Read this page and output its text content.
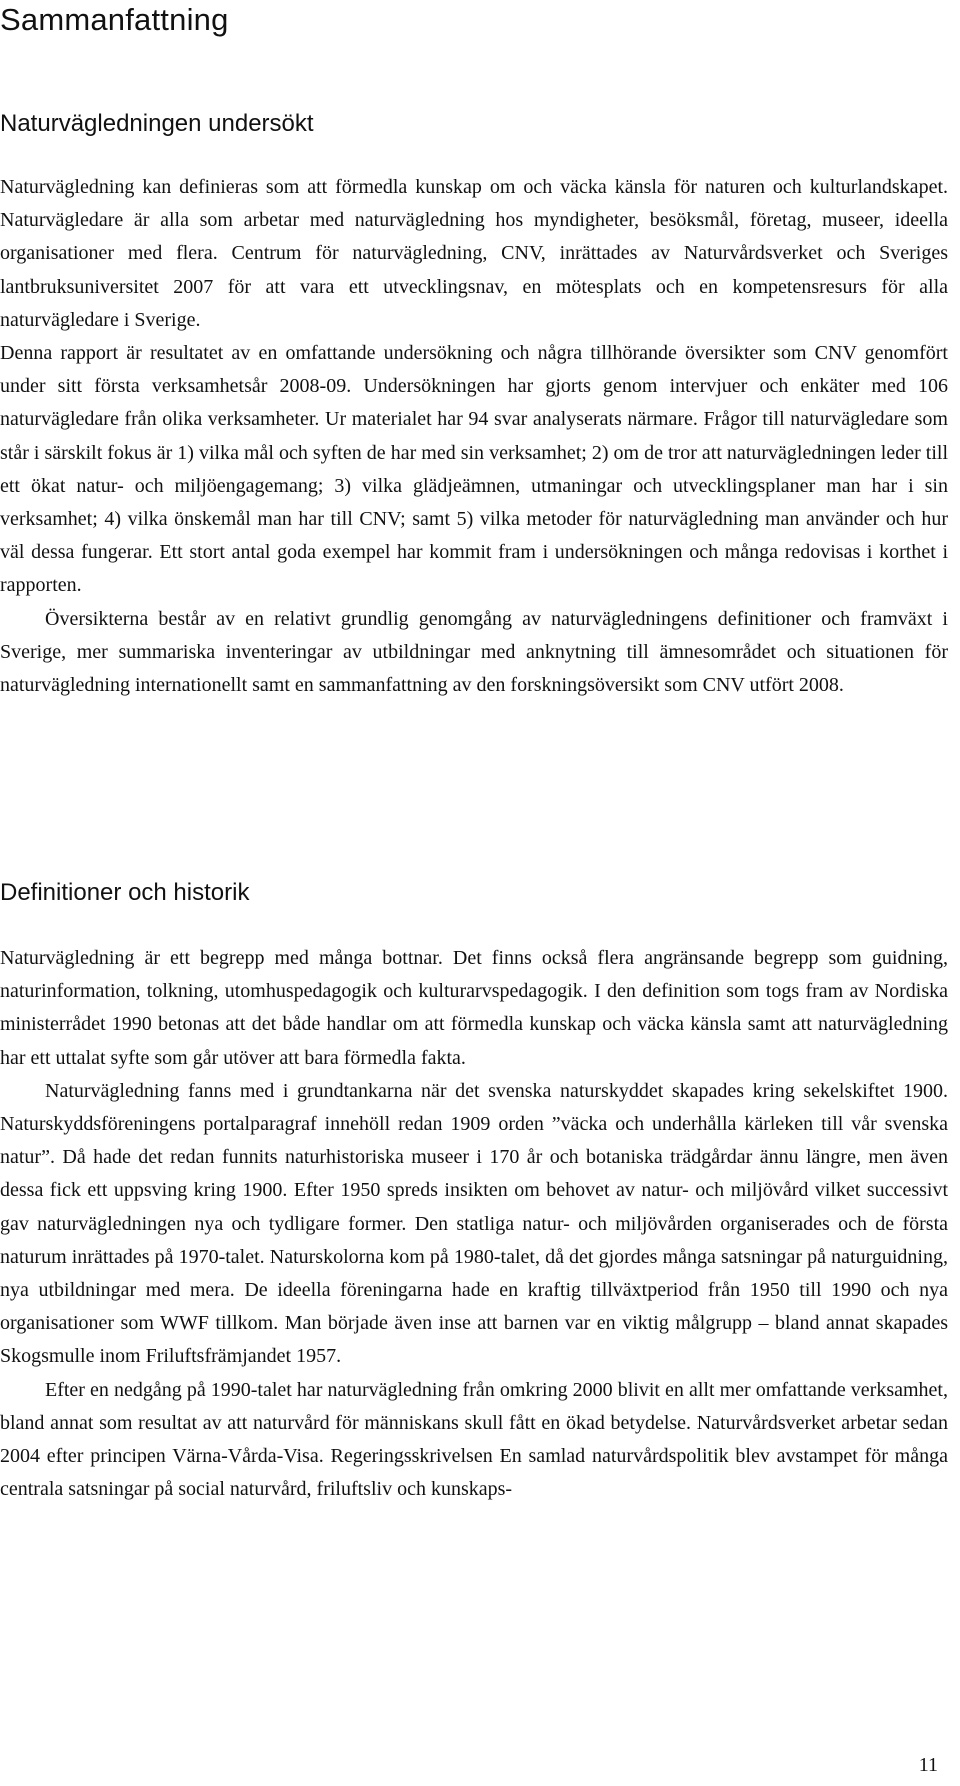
Sammanfattning
Naturvägledningen undersökt

Naturvägledning kan definieras som att förmedla kunskap om och väcka känsla för naturen och kulturlandskapet. Naturvägledare är alla som arbetar med naturvägledning hos myndigheter, besöksmål, företag, museer, ideella organisationer med flera. Centrum för naturvägledning, CNV, inrättades av Naturvårdsverket och Sveriges lantbruksuniversitet 2007 för att vara ett utvecklingsnav, en mötesplats och en kompetensresurs för alla naturvägledare i Sverige.

Denna rapport är resultatet av en omfattande undersökning och några tillhörande översikter som CNV genomfört under sitt första verksamhetsår 2008-09. Undersökningen har gjorts genom intervjuer och enkäter med 106 naturvägledare från olika verksamheter. Ur materialet har 94 svar analyserats närmare. Frågor till naturvägledare som står i särskilt fokus är 1) vilka mål och syften de har med sin verksamhet; 2) om de tror att naturvägledningen leder till ett ökat natur- och miljöengagemang; 3) vilka glädjeämnen, utmaningar och utvecklingsplaner man har i sin verksamhet; 4) vilka önskemål man har till CNV; samt 5) vilka metoder för naturvägledning man använder och hur väl dessa fungerar. Ett stort antal goda exempel har kommit fram i undersökningen och många redovisas i korthet i rapporten.

Översikterna består av en relativt grundlig genomgång av naturvägledningens definitioner och framväxt i Sverige, mer summariska inventeringar av utbildningar med anknytning till ämnesområdet och situationen för naturvägledning internationellt samt en sammanfattning av den forskningsöversikt som CNV utfört 2008.

Definitioner och historik

Naturvägledning är ett begrepp med många bottnar. Det finns också flera angränsande begrepp som guidning, naturinformation, tolkning, utomhuspedagogik och kulturarvspedagogik. I den definition som togs fram av Nordiska ministerrådet 1990 betonas att det både handlar om att förmedla kunskap och väcka känsla samt att naturvägledning har ett uttalat syfte som går utöver att bara förmedla fakta.

Naturvägledning fanns med i grundtankarna när det svenska naturskyddet skapades kring sekelskiftet 1900. Naturskyddsföreningens portalparagraf innehöll redan 1909 orden ”väcka och underhålla kärleken till vår svenska natur”. Då hade det redan funnits naturhistoriska museer i 170 år och botaniska trädgårdar ännu längre, men även dessa fick ett uppsving kring 1900. Efter 1950 spreds insikten om behovet av natur- och miljövård vilket successivt gav naturvägledningen nya och tydligare former. Den statliga natur- och miljövården organiserades och de första naturum inrättades på 1970-talet. Naturskolorna kom på 1980-talet, då det gjordes många satsningar på naturguidning, nya utbildningar med mera. De ideella föreningarna hade en kraftig tillväxtperiod från 1950 till 1990 och nya organisationer som WWF tillkom. Man började även inse att barnen var en viktig målgrupp – bland annat skapades Skogsmulle inom Friluftsfrämjandet 1957.

Efter en nedgång på 1990-talet har naturvägledning från omkring 2000 blivit en allt mer omfattande verksamhet, bland annat som resultat av att naturvård för människans skull fått en ökad betydelse. Naturvårdsverket arbetar sedan 2004 efter principen Värna-Vårda-Visa. Regeringsskrivelsen En samlad naturvårdspolitik blev avstampet för många centrala satsningar på social naturvård, friluftsliv och kunskaps-

11
